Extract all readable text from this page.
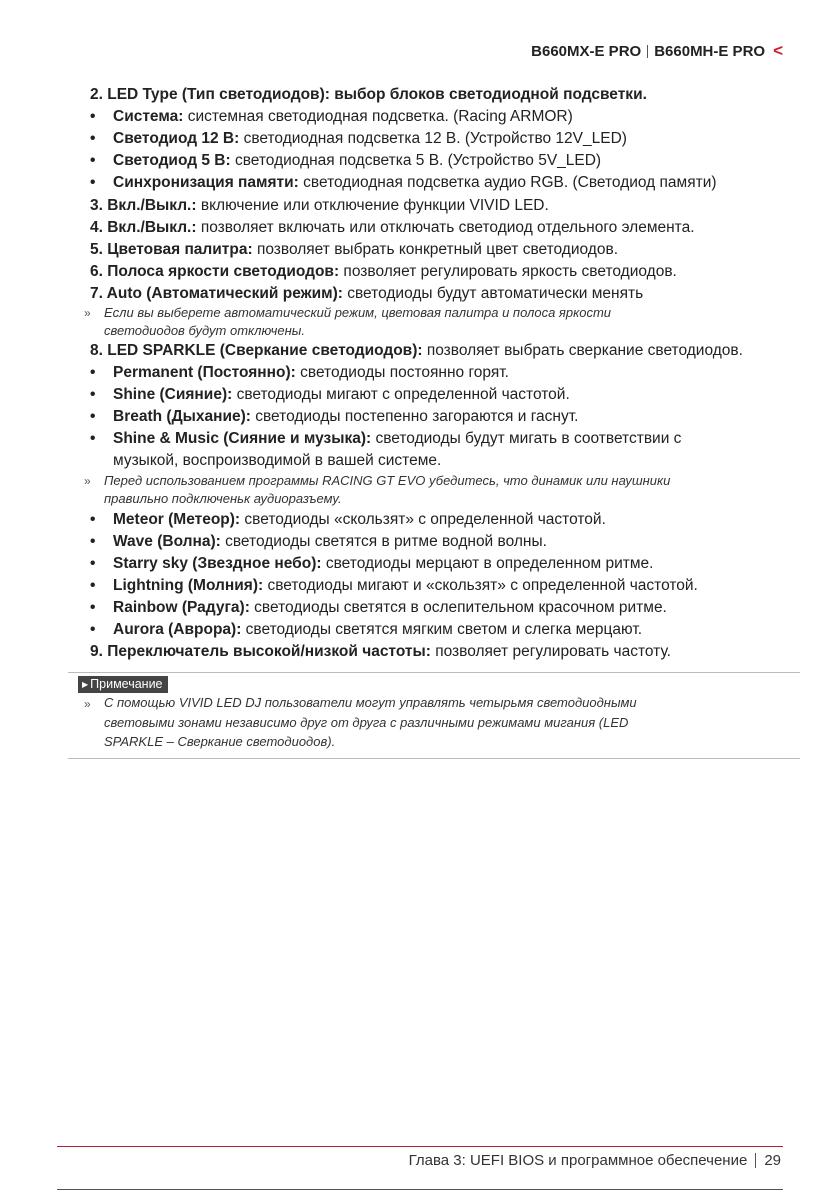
B660MX-E PRO B660MH-E PRO <
2. LED Type (Тип светодиодов): выбор блоков светодиодной подсветки.
• Система: системная светодиодная подсветка. (Racing ARMOR)
• Светодиод 12 В: светодиодная подсветка 12 В. (Устройство 12V_LED)
• Светодиод 5 В: светодиодная подсветка 5 В. (Устройство 5V_LED)
• Синхронизация памяти: светодиодная подсветка аудио RGB. (Светодиод памяти)
3. Вкл./Выкл.: включение или отключение функции VIVID LED.
4. Вкл./Выкл.: позволяет включать или отключать светодиод отдельного элемента.
5. Цветовая палитра: позволяет выбрать конкретный цвет светодиодов.
6. Полоса яркости светодиодов: позволяет регулировать яркость светодиодов.
7. Auto (Автоматический режим): светодиоды будут автоматически менять
» Если вы выберете автоматический режим, цветовая палитра и полоса яркости
светодиодов будут отключены.
8. LED SPARKLE (Сверкание светодиодов): позволяет выбрать сверкание светодиодов.
• Permanent (Постоянно): светодиоды постоянно горят.
• Shine (Сияние): светодиоды мигают с определенной частотой.
• Breath (Дыхание): светодиоды постепенно загораются и гаснут.
• Shine & Music (Сияние и музыка): светодиоды будут мигать в соответствии с
музыкой, воспроизводимой в вашей системе.
» Перед использованием программы RACING GT EVO убедитесь, что динамик или наушники
правильно подключеньк аудиоразъему.
• Meteor (Метеор): светодиоды «скользят» с определенной частотой.
• Wave (Волна): светодиоды светятся в ритме водной волны.
• Starry sky (Звездное небо): светодиоды мерцают в определенном ритме.
• Lightning (Молния): светодиоды мигают и «скользят» с определенной частотой.
• Rainbow (Радуга): светодиоды светятся в ослепительном красочном ритме.
• Aurora (Аврора): светодиоды светятся мягким светом и слегка мерцают.
9. Переключатель высокой/низкой частоты: позволяет регулировать частоту.
▶ Примечание
» С помощью VIVID LED DJ пользователи могут управлять четырьмя светодиодными
световыми зонами независимо друг от друга с различными режимами мигания (LED
SPARKLE – Сверкание светодиодов).
Глава 3: UEFI BIOS и программное обеспечение 29
